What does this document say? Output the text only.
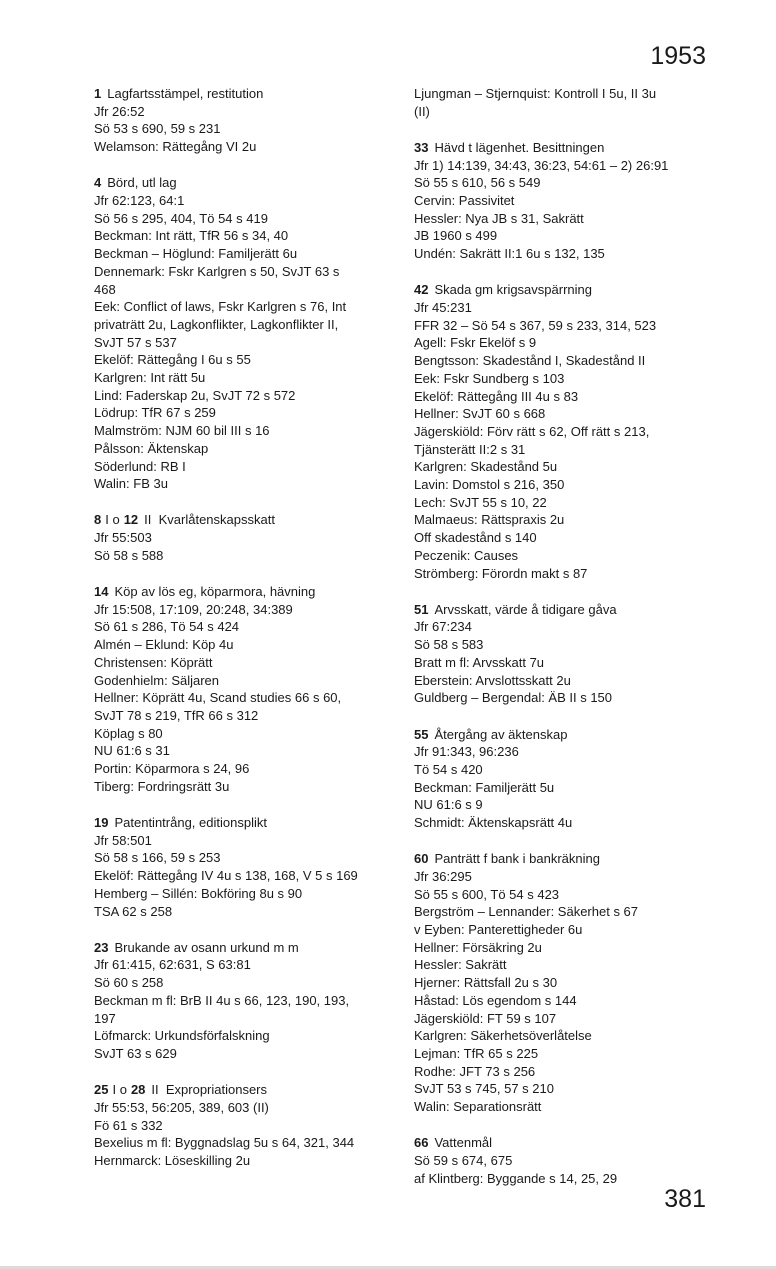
1953
1 Lagfartsstämpel, restitution
Jfr 26:52
Sö 53 s 690, 59 s 231
Welamson: Rättegång VI 2u
4 Börd, utl lag
Jfr 62:123, 64:1
Sö 56 s 295, 404, Tö 54 s 419
Beckman: Int rätt, TfR 56 s 34, 40
Beckman – Höglund: Familjerätt 6u
Dennemark: Fskr Karlgren s 50, SvJT 63 s
468
Eek: Conflict of laws, Fskr Karlgren s 76, Int
privaträtt 2u, Lagkonflikter, Lagkonflikter II,
SvJT 57 s 537
Ekelöf: Rättegång I 6u s 55
Karlgren: Int rätt 5u
Lind: Faderskap 2u, SvJT 72 s 572
Lödrup: TfR 67 s 259
Malmström: NJM 60 bil III s 16
Pålsson: Äktenskap
Söderlund: RB I
Walin: FB 3u
8 I o 12 II  Kvarlåtenskapsskatt
Jfr 55:503
Sö 58 s 588
14 Köp av lös eg, köparmora, hävning
Jfr 15:508, 17:109, 20:248, 34:389
Sö 61 s 286, Tö 54 s 424
Almén – Eklund: Köp 4u
Christensen: Köprätt
Godenhielm: Säljaren
Hellner: Köprätt 4u, Scand studies 66 s 60,
SvJT 78 s 219, TfR 66 s 312
Köplag s 80
NU 61:6 s 31
Portin: Köparmora s 24, 96
Tiberg: Fordringsrätt 3u
19 Patentintrång, editionsplikt
Jfr 58:501
Sö 58 s 166, 59 s 253
Ekelöf: Rättegång IV 4u s 138, 168, V 5 s 169
Hemberg – Sillén: Bokföring 8u s 90
TSA 62 s 258
23 Brukande av osann urkund m m
Jfr 61:415, 62:631, S 63:81
Sö 60 s 258
Beckman m fl: BrB II 4u s 66, 123, 190, 193,
197
Löfmarck: Urkundsförfalskning
SvJT 63 s 629
25 I o 28 II  Expropriationsers
Jfr 55:53, 56:205, 389, 603 (II)
Fö 61 s 332
Bexelius m fl: Byggnadslag 5u s 64, 321, 344
Hernmarck: Löseskilling 2u
Ljungman – Stjernquist: Kontroll I 5u, II 3u
(II)
33 Hävd t lägenhet. Besittningen
Jfr 1) 14:139, 34:43, 36:23, 54:61 – 2) 26:91
Sö 55 s 610, 56 s 549
Cervin: Passivitet
Hessler: Nya JB s 31, Sakrätt
JB 1960 s 499
Undén: Sakrätt II:1 6u s 132, 135
42 Skada gm krigsavspärrning
Jfr 45:231
FFR 32 – Sö 54 s 367, 59 s 233, 314, 523
Agell: Fskr Ekelöf s 9
Bengtsson: Skadestånd I, Skadestånd II
Eek: Fskr Sundberg s 103
Ekelöf: Rättegång III 4u s 83
Hellner: SvJT 60 s 668
Jägerskiöld: Förv rätt s 62, Off rätt s 213,
Tjänsterätt II:2 s 31
Karlgren: Skadestånd 5u
Lavin: Domstol s 216, 350
Lech: SvJT 55 s 10, 22
Malmaeus: Rättspraxis 2u
Off skadestånd s 140
Peczenik: Causes
Strömberg: Förordn makt s 87
51 Arvsskatt, värde å tidigare gåva
Jfr 67:234
Sö 58 s 583
Bratt m fl: Arvsskatt 7u
Eberstein: Arvslottsskatt 2u
Guldberg – Bergendal: ÄB II s 150
55 Återgång av äktenskap
Jfr 91:343, 96:236
Tö 54 s 420
Beckman: Familjerätt 5u
NU 61:6 s 9
Schmidt: Äktenskapsrätt 4u
60 Panträtt f bank i bankräkning
Jfr 36:295
Sö 55 s 600, Tö 54 s 423
Bergström – Lennander: Säkerhet s 67
v Eyben: Panterettigheder 6u
Hellner: Försäkring 2u
Hessler: Sakrätt
Hjerner: Rättsfall 2u s 30
Håstad: Lös egendom s 144
Jägerskiöld: FT 59 s 107
Karlgren: Säkerhetsöverlåtelse
Lejman: TfR 65 s 225
Rodhe: JFT 73 s 256
SvJT 53 s 745, 57 s 210
Walin: Separationsrätt
66 Vattenmål
Sö 59 s 674, 675
af Klintberg: Byggande s 14, 25, 29
381
